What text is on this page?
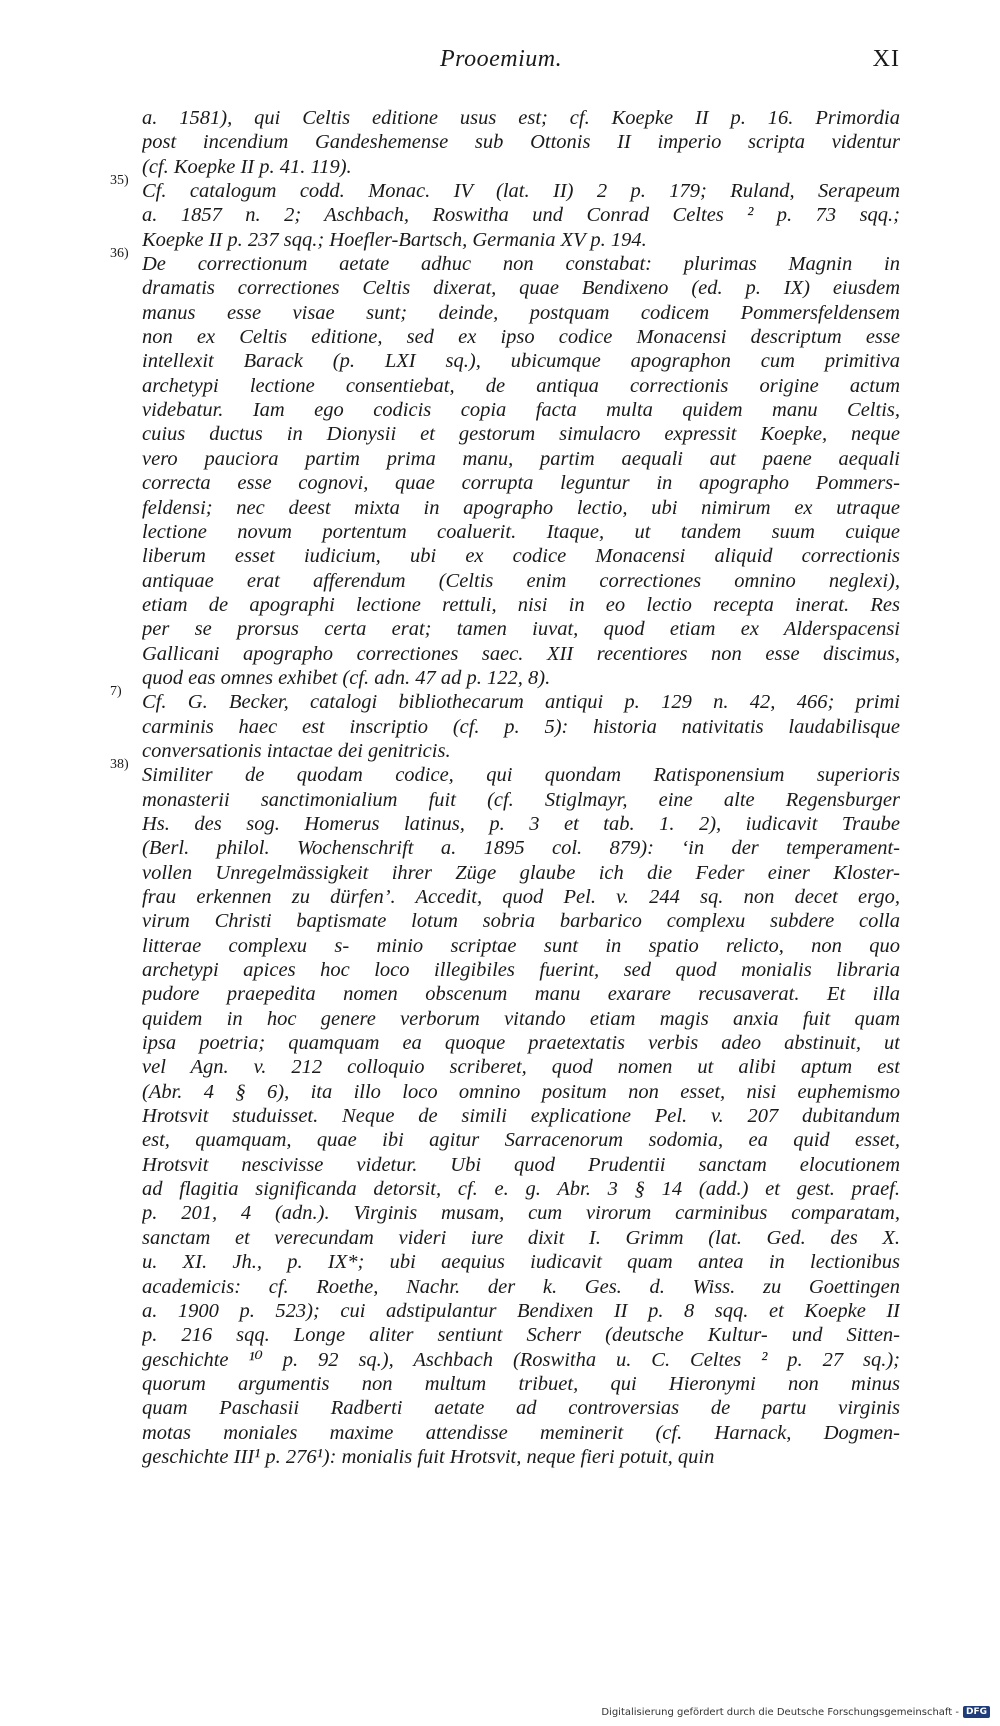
Prooemium.	XI
a. 1581), qui Celtis editione usus est; cf. Koepke II p. 16. Primordia
post incendium Gandeshemense sub Ottonis II imperio scripta videntur
(cf. Koepke II p. 41. 119).
35) Cf. catalogum codd. Monac. IV (lat. II) 2 p. 179; Ruland, Serapeum
a. 1857 n. 2; Aschbach, Roswitha und Conrad Celtes ² p. 73 sqq.;
Koepke II p. 237 sqq.; Hoefler-Bartsch, Germania XV p. 194.
36) De correctionum aetate adhuc non constabat: plurimas Magnin in
dramatis correctiones Celtis dixerat, quae Bendixeno (ed. p. IX) eiusdem
manus esse visae sunt; deinde, postquam codicem Pommersfeldensem
non ex Celtis editione, sed ex ipso codice Monacensi descriptum esse
intellexit Barack (p. LXI sq.), ubicumque apographon cum primitiva
archetypi lectione consentiebat, de antiqua correctionis origine actum
videbatur. Iam ego codicis copia facta multa quidem manu Celtis,
cuius ductus in Dionysii et gestorum simulacro expressit Koepke, neque
vero pauciora partim prima manu, partim aequali aut paene aequali
correcta esse cognovi, quae corrupta leguntur in apographo Pommers-
feldensi; nec deest mixta in apographo lectio, ubi nimirum ex utraque
lectione novum portentum coaluerit. Itaque, ut tandem suum cuique
liberum esset iudicium, ubi ex codice Monacensi aliquid correctionis
antiquae erat afferendum (Celtis enim correctiones omnino neglexi),
etiam de apographi lectione rettuli, nisi in eo lectio recepta inerat. Res
per se prorsus certa erat; tamen iuvat, quod etiam ex Alderspacensi
Gallicani apographo correctiones saec. XII recentiores non esse discimus,
quod eas omnes exhibet (cf. adn. 47 ad p. 122, 8).
7) Cf. G. Becker, catalogi bibliothecarum antiqui p. 129 n. 42, 466; primi
carminis haec est inscriptio (cf. p. 5): historia nativitatis laudabilisque
conversationis intactae dei genitricis.
38) Similiter de quodam codice, qui quondam Ratisponensium superioris
monasterii sanctimonialium fuit (cf. Stiglmayr, eine alte Regensburger
Hs. des sog. Homerus latinus, p. 3 et tab. 1. 2), iudicavit Traube
(Berl. philol. Wochenschrift a. 1895 col. 879): ‘in der temperament-
vollen Unregelmässigkeit ihrer Züge glaube ich die Feder einer Kloster-
frau erkennen zu dürfen’. Accedit, quod Pel. v. 244 sq. non decet ergo,
virum Christi baptismate lotum sobria barbarico complexu subdere colla
litterae complexu s- minio scriptae sunt in spatio relicto, non quo
archetypi apices hoc loco illegibiles fuerint, sed quod monialis libraria
pudore praepedita nomen obscenum manu exarare recusaverat. Et illa
quidem in hoc genere verborum vitando etiam magis anxia fuit quam
ipsa poetria; quamquam ea quoque praetextatis verbis adeo abstinuit, ut
vel Agn. v. 212 colloquio scriberet, quod nomen ut alibi aptum est
(Abr. 4 § 6), ita illo loco omnino positum non esset, nisi euphemismo
Hrotsvit studuisset. Neque de simili explicatione Pel. v. 207 dubitandum
est, quamquam, quae ibi agitur Sarracenorum sodomia, ea quid esset,
Hrotsvit nescivisse videtur. Ubi quod Prudentii sanctam elocutionem
ad flagitia significanda detorsit, cf. e. g. Abr. 3 § 14 (add.) et gest. praef.
p. 201, 4 (adn.). Virginis musam, cum virorum carminibus comparatam,
sanctam et verecundam videri iure dixit I. Grimm (lat. Ged. des X.
u. XI. Jh., p. IX*; ubi aequius iudicavit quam antea in lectionibus
academicis: cf. Roethe, Nachr. der k. Ges. d. Wiss. zu Goettingen
a. 1900 p. 523); cui adstipulantur Bendixen II p. 8 sqq. et Koepke II
p. 216 sqq. Longe aliter sentiunt Scherr (deutsche Kultur- und Sitten-
geschichte ¹⁰ p. 92 sq.), Aschbach (Roswitha u. C. Celtes ² p. 27 sq.);
quorum argumentis non multum tribuet, qui Hieronymi non minus
quam Paschasii Radberti aetate ad controversias de partu virginis
motas moniales maxime attendisse meminerit (cf. Harnack, Dogmen-
geschichte III¹ p. 276¹): monialis fuit Hrotsvit, neque fieri potuit, quin
Digitalisierung gefördert durch die Deutsche Forschungsgemeinschaft - DFG
